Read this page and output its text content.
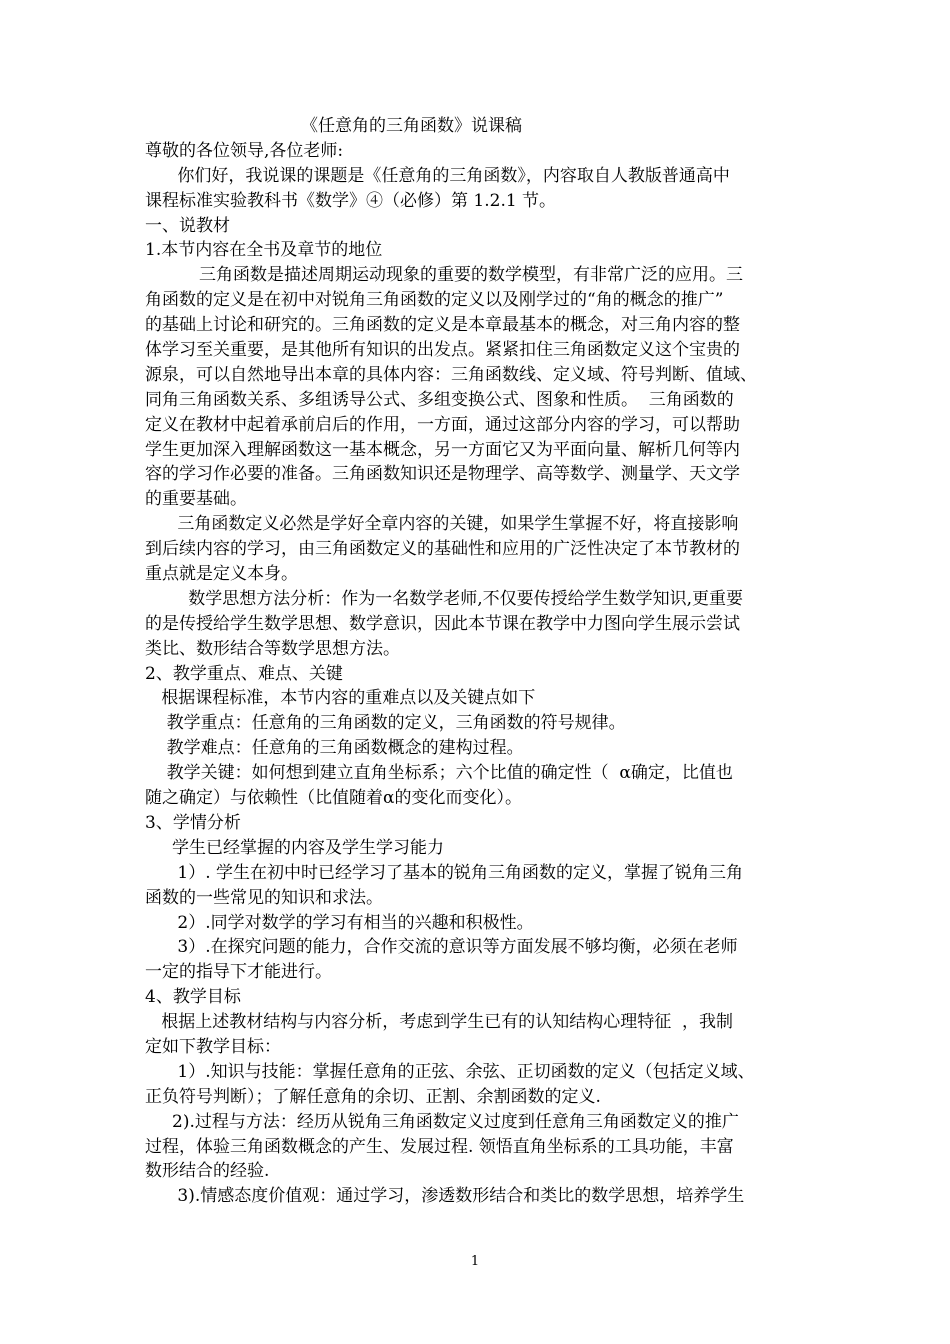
《任意角的三角函数》说课稿
尊敬的各位领导,各位老师:
你们好，我说课的课题是《任意角的三角函数》，内容取自人教版普通高中
课程标准实验教科书《数学》④（必修）第 1.2.1 节。
一、说教材
1.本节内容在全书及章节的地位
三角函数是描述周期运动现象的重要的数学模型，有非常广泛的应用。三
角函数的定义是在初中对锐角三角函数的定义以及刚学过的“角的概念的推广”
的基础上讨论和研究的。三角函数的定义是本章最基本的概念，对三角内容的整
体学习至关重要，是其他所有知识的出发点。紧紧扣住三角函数定义这个宝贵的
源泉，可以自然地导出本章的具体内容：三角函数线、定义域、符号判断、值域、
同角三角函数关系、多组诱导公式、多组变换公式、图象和性质。  三角函数的
定义在教材中起着承前启后的作用，一方面，通过这部分内容的学习，可以帮助
学生更加深入理解函数这一基本概念，另一方面它又为平面向量、解析几何等内
容的学习作必要的准备。三角函数知识还是物理学、高等数学、测量学、天文学
的重要基础。
三角函数定义必然是学好全章内容的关键，如果学生掌握不好，将直接影响
到后续内容的学习，由三角函数定义的基础性和应用的广泛性决定了本节教材的
重点就是定义本身。
数学思想方法分析：作为一名数学老师,不仅要传授给学生数学知识,更重要
的是传授给学生数学思想、数学意识，因此本节课在教学中力图向学生展示尝试
类比、数形结合等数学思想方法。
2、教学重点、难点、关键
根据课程标准，本节内容的重难点以及关键点如下
教学重点：任意角的三角函数的定义，三角函数的符号规律。
教学难点：任意角的三角函数概念的建构过程。
教学关键：如何想到建立直角坐标系；六个比值的确定性（  α确定，比值也
随之确定）与依赖性（比值随着α的变化而变化）。
3、学情分析
学生已经掌握的内容及学生学习能力
1）. 学生在初中时已经学习了基本的锐角三角函数的定义，掌握了锐角三角
函数的一些常见的知识和求法。
2）.同学对数学的学习有相当的兴趣和积极性。
3）.在探究问题的能力，合作交流的意识等方面发展不够均衡，必须在老师
一定的指导下才能进行。
4、教学目标
根据上述教材结构与内容分析，考虑到学生已有的认知结构心理特征  ，我制
定如下教学目标：
1）.知识与技能：掌握任意角的正弦、余弦、正切函数的定义（包括定义域、
正负符号判断）；了解任意角的余切、正割、余割函数的定义.
2).过程与方法：经历从锐角三角函数定义过度到任意角三角函数定义的推广
过程，体验三角函数概念的产生、发展过程. 领悟直角坐标系的工具功能，丰富
数形结合的经验.
3).情感态度价值观：通过学习，渗透数形结合和类比的数学思想，培养学生
1
